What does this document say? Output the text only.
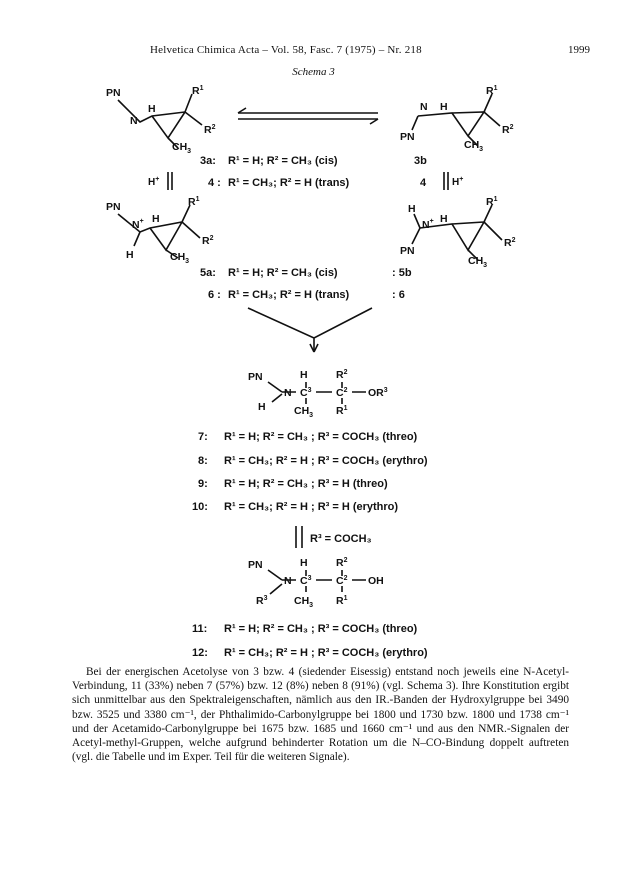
Helvetica Chimica Acta – Vol. 58, Fasc. 7 (1975) – Nr. 218	1999
Schema 3
PN
N
H
$R^1$
$R^2$
$CH_3$
N H
$R^1$
$R^2$
PN
$CH_3$
H+	H+
PN
N+ H
$R^1$
$R^2$
H	$CH_3$
H
N+ H
$R^1$
$R^2$
PN
$CH_3$
PN
N
H	$R^2$
$C^3$ $C^2$ $OR^3$
H	$CH_3$ $R^1$
PN
N
H	$R^2$
$C^3$ $C^2$ OH
$R^3$	$CH_3$ $R^1$
3a: R¹ = H; R² = CH₃ (cis)	3b
4 : R¹ = CH₃; R² = H (trans)	4
5a: R¹ = H; R² = CH₃ (cis)	: 5b
6 : R¹ = CH₃; R² = H (trans)	: 6
7: R¹ = H; R² = CH₃ ; R³ = COCH₃ (threo)
8: R¹ = CH₃; R² = H ; R³ = COCH₃ (erythro)
9: R¹ = H; R² = CH₃ ; R³ = H (threo)
10: R¹ = CH₃; R² = H ; R³ = H (erythro)
R³ = COCH₃
11: R¹ = H; R² = CH₃ ; R³ = COCH₃ (threo)
12: R¹ = CH₃; R² = H ; R³ = COCH₃ (erythro)

Bei der energischen Acetolyse von 3 bzw. 4 (siedender Eisessig) entstand noch jeweils eine N-Acetyl-Verbindung, 11 (33%) neben 7 (57%) bzw. 12 (8%) neben 8 (91%) (vgl. Schema 3). Ihre Konstitution ergibt sich unmittelbar aus den Spektraleigenschaften, nämlich aus den IR.-Banden der Hydroxylgruppe bei 3490 bzw. 3525 und 3380 cm⁻¹, der Phthalimido-Carbonylgruppe bei 1800 und 1730 bzw. 1800 und 1738 cm⁻¹ und der Acetamido-Carbonylgruppe bei 1675 bzw. 1685 und 1660 cm⁻¹ und aus den NMR.-Signalen der Acetyl-methyl-Gruppen, welche aufgrund behinderter Rotation um die N–CO-Bindung doppelt auftreten (vgl. die Tabelle und im Exper. Teil für die weiteren Signale).
